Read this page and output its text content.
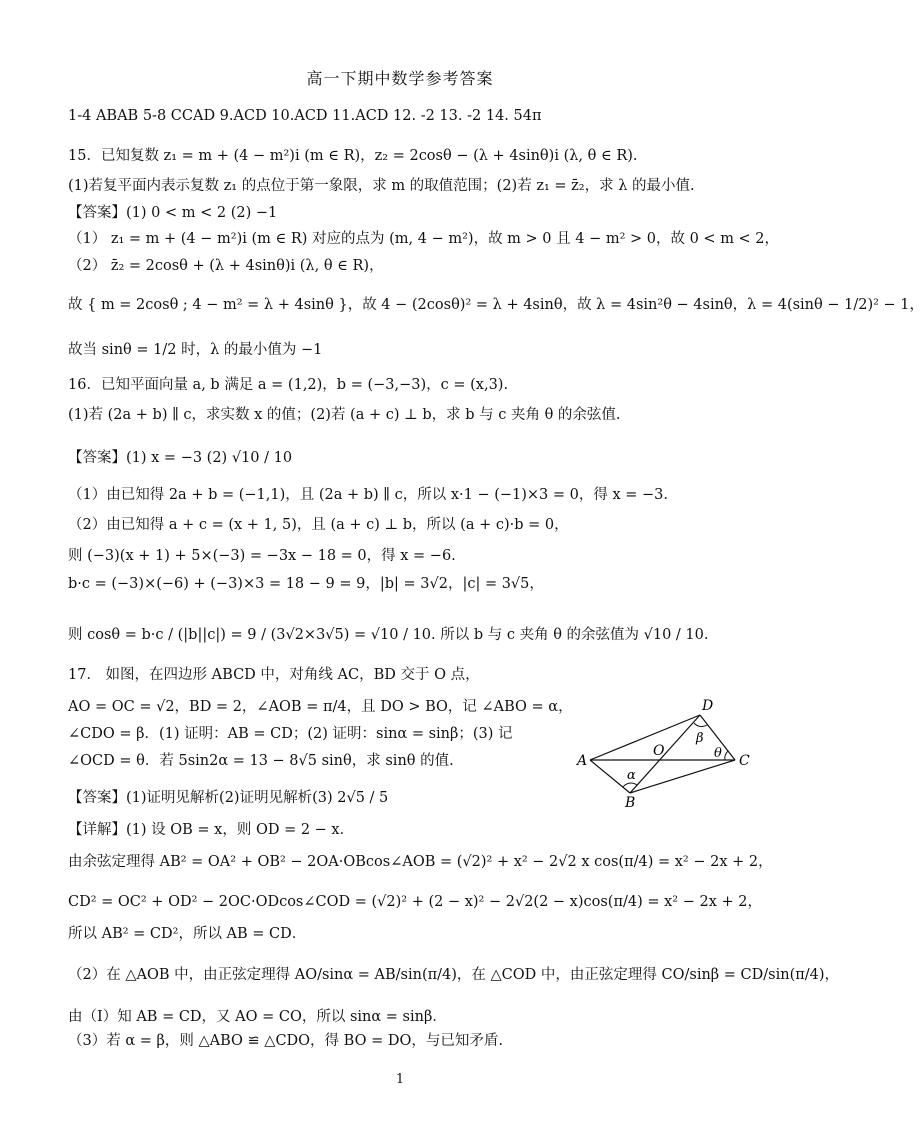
高一下期中数学参考答案
1-4 ABAB 5-8 CCAD 9.ACD 10.ACD 11.ACD 12. -2 13. -2 14. 54π
15．已知复数 z₁ = m + (4 − m²)i (m ∈ R)，z₂ = 2cosθ − (λ + 4sinθ)i (λ, θ ∈ R).
(1)若复平面内表示复数 z₁ 的点位于第一象限，求 m 的取值范围；(2)若 z₁ = z̄₂，求 λ 的最小值.
【答案】(1) 0 < m < 2 (2) −1
（1） z₁ = m + (4 − m²)i (m ∈ R) 对应的点为 (m, 4 − m²)，故 m > 0 且 4 − m² > 0，故 0 < m < 2，
（2） z̄₂ = 2cosθ + (λ + 4sinθ)i (λ, θ ∈ R)，
故 { m = 2cosθ ; 4 − m² = λ + 4sinθ }，故 4 − (2cosθ)² = λ + 4sinθ，故 λ = 4sin²θ − 4sinθ，λ = 4(sinθ − 1/2)² − 1，
故当 sinθ = 1/2 时，λ 的最小值为 −1
16．已知平面向量 a, b 满足 a = (1,2)，b = (−3,−3)，c = (x,3).
(1)若 (2a + b) ∥ c，求实数 x 的值；(2)若 (a + c) ⊥ b，求 b 与 c 夹角 θ 的余弦值.
【答案】(1) x = −3 (2) √10 / 10
（1）由已知得 2a + b = (−1,1)，且 (2a + b) ∥ c，所以 x·1 − (−1)×3 = 0，得 x = −3.
（2）由已知得 a + c = (x + 1, 5)，且 (a + c) ⊥ b，所以 (a + c)·b = 0，
则 (−3)(x + 1) + 5×(−3) = −3x − 18 = 0，得 x = −6.
b·c = (−3)×(−6) + (−3)×3 = 18 − 9 = 9，|b| = 3√2，|c| = 3√5，
则 cosθ = b·c / (|b||c|) = 9 / (3√2×3√5) = √10 / 10. 所以 b 与 c 夹角 θ 的余弦值为 √10 / 10.
17． 如图，在四边形 ABCD 中，对角线 AC，BD 交于 O 点，
AO = OC = √2，BD = 2，∠AOB = π/4，且 DO > BO，记 ∠ABO = α，
∠CDO = β．(1) 证明：AB = CD；(2) 证明：sinα = sinβ；(3) 记
∠OCD = θ．若 5sin2α = 13 − 8√5 sinθ，求 sinθ 的值.
【答案】(1)证明见解析(2)证明见解析(3) 2√5 / 5
【详解】(1) 设 OB = x，则 OD = 2 − x．
由余弦定理得 AB² = OA² + OB² − 2OA·OBcos∠AOB = (√2)² + x² − 2√2 x cos(π/4) = x² − 2x + 2，
CD² = OC² + OD² − 2OC·ODcos∠COD = (√2)² + (2 − x)² − 2√2(2 − x)cos(π/4) = x² − 2x + 2，
所以 AB² = CD²，所以 AB = CD．
（2）在 △AOB 中，由正弦定理得 AO/sinα = AB/sin(π/4)，在 △COD 中，由正弦定理得 CO/sinβ = CD/sin(π/4)，
由（Ⅰ）知 AB = CD，又 AO = CO，所以 sinα = sinβ．
（3）若 α = β，则 △ABO ≌ △CDO，得 BO = DO，与已知矛盾.
A
D
C
B
O
α
β
θ
1
